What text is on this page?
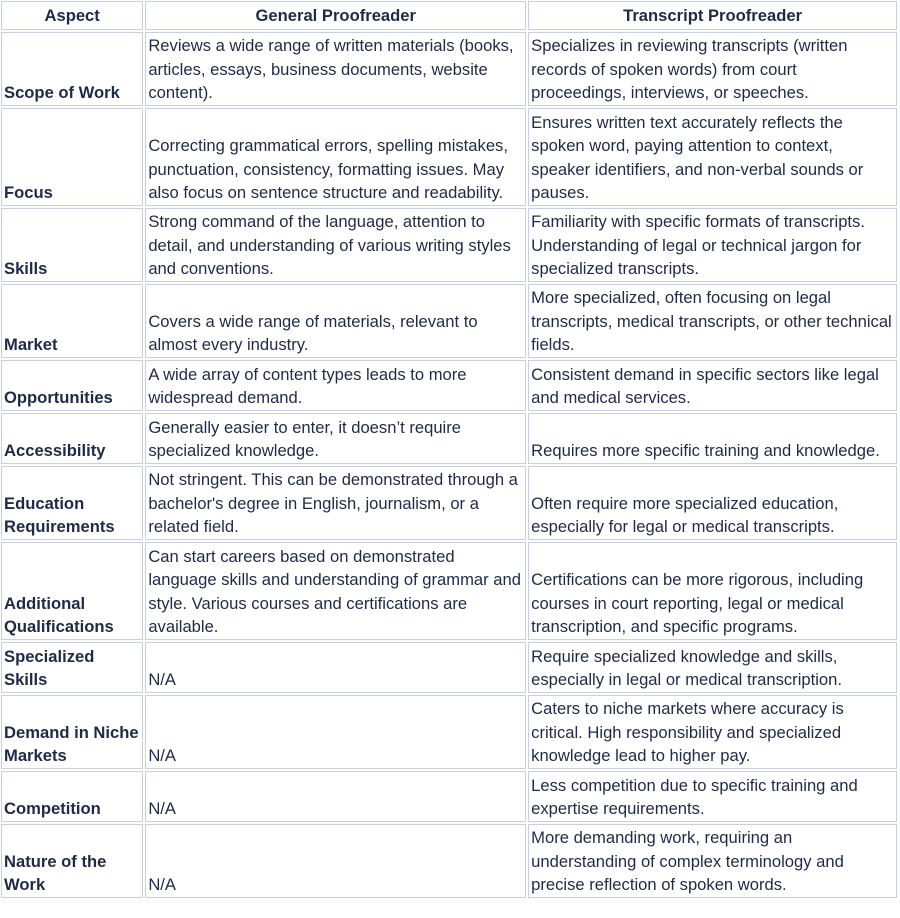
Aspect	General Proofreader	Transcript Proofreader
Scope of Work	Reviews a wide range of written materials (books, articles, essays, business documents, website content).	Specializes in reviewing transcripts (written records of spoken words) from court proceedings, interviews, or speeches.
Focus	Correcting grammatical errors, spelling mistakes, punctuation, consistency, formatting issues. May also focus on sentence structure and readability.	Ensures written text accurately reflects the spoken word, paying attention to context, speaker identifiers, and non-verbal sounds or pauses.
Skills	Strong command of the language, attention to detail, and understanding of various writing styles and conventions.	Familiarity with specific formats of transcripts. Understanding of legal or technical jargon for specialized transcripts.
Market	Covers a wide range of materials, relevant to almost every industry.	More specialized, often focusing on legal transcripts, medical transcripts, or other technical fields.
Opportunities	A wide array of content types leads to more widespread demand.	Consistent demand in specific sectors like legal and medical services.
Accessibility	Generally easier to enter, it doesn’t require specialized knowledge.	Requires more specific training and knowledge.
Education Requirements	Not stringent. This can be demonstrated through a bachelor's degree in English, journalism, or a related field.	Often require more specialized education, especially for legal or medical transcripts.
Additional Qualifications	Can start careers based on demonstrated language skills and understanding of grammar and style. Various courses and certifications are available.	Certifications can be more rigorous, including courses in court reporting, legal or medical transcription, and specific programs.
Specialized Skills	N/A	Require specialized knowledge and skills, especially in legal or medical transcription.
Demand in Niche Markets	N/A	Caters to niche markets where accuracy is critical. High responsibility and specialized knowledge lead to higher pay.
Competition	N/A	Less competition due to specific training and expertise requirements.
Nature of the Work	N/A	More demanding work, requiring an understanding of complex terminology and precise reflection of spoken words.
